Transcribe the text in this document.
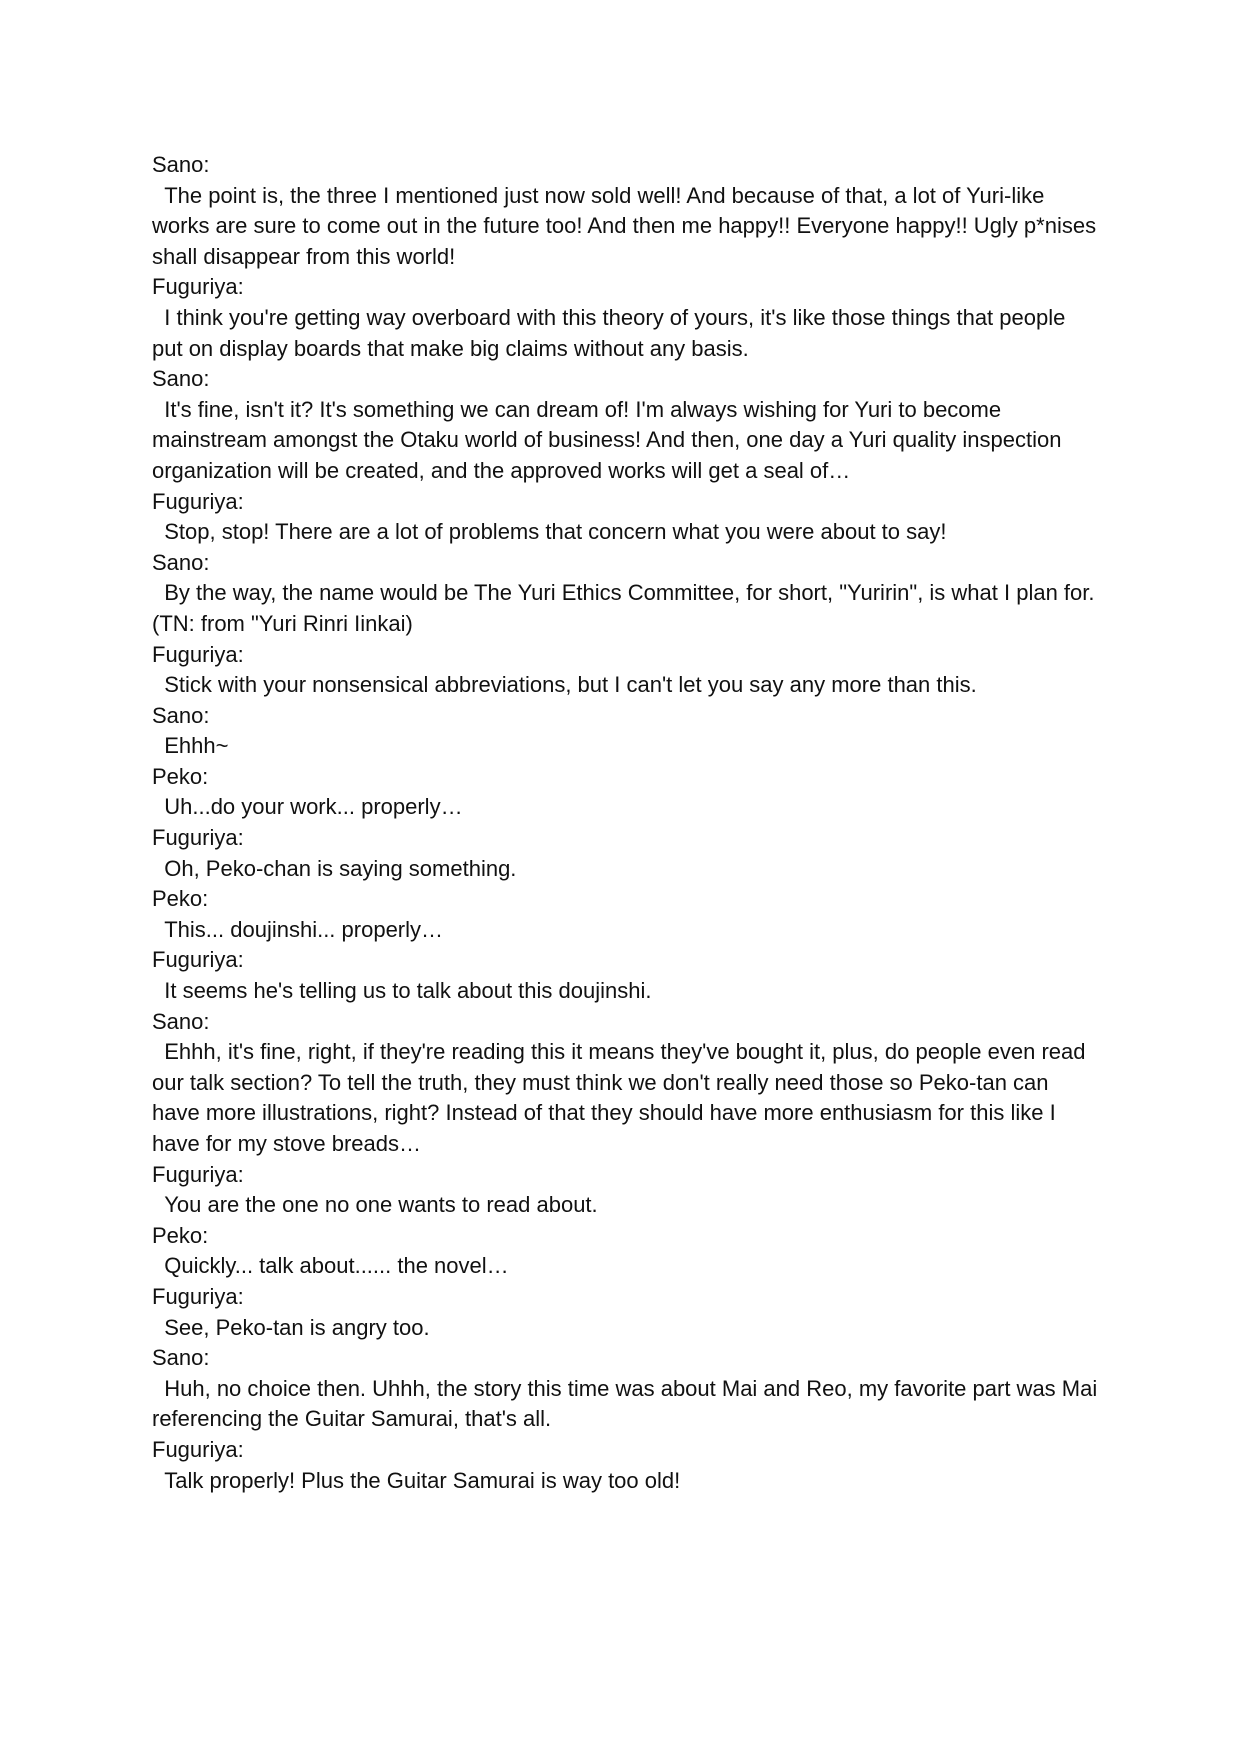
Sano:
The point is, the three I mentioned just now sold well! And because of that, a lot of Yuri-like works are sure to come out in the future too! And then me happy!! Everyone happy!! Ugly p*nises shall disappear from this world!
Fuguriya:
I think you're getting way overboard with this theory of yours, it's like those things that people put on display boards that make big claims without any basis.
Sano:
It's fine, isn't it? It's something we can dream of! I'm always wishing for Yuri to become mainstream amongst the Otaku world of business! And then, one day a Yuri quality inspection organization will be created, and the approved works will get a seal of…
Fuguriya:
Stop, stop! There are a lot of problems that concern what you were about to say!
Sano:
By the way, the name would be The Yuri Ethics Committee, for short, "Yuririn", is what I plan for. (TN: from "Yuri Rinri Iinkai)
Fuguriya:
Stick with your nonsensical abbreviations, but I can't let you say any more than this.
Sano:
Ehhh~
Peko:
Uh...do your work... properly…
Fuguriya:
Oh, Peko-chan is saying something.
Peko:
This... doujinshi... properly…
Fuguriya:
It seems he's telling us to talk about this doujinshi.
Sano:
Ehhh, it's fine, right, if they're reading this it means they've bought it, plus, do people even read our talk section? To tell the truth, they must think we don't really need those so Peko-tan can have more illustrations, right? Instead of that they should have more enthusiasm for this like I have for my stove breads…
Fuguriya:
You are the one no one wants to read about.
Peko:
Quickly... talk about...... the novel…
Fuguriya:
See, Peko-tan is angry too.
Sano:
Huh, no choice then. Uhhh, the story this time was about Mai and Reo, my favorite part was Mai referencing the Guitar Samurai, that's all.
Fuguriya:
Talk properly! Plus the Guitar Samurai is way too old!
